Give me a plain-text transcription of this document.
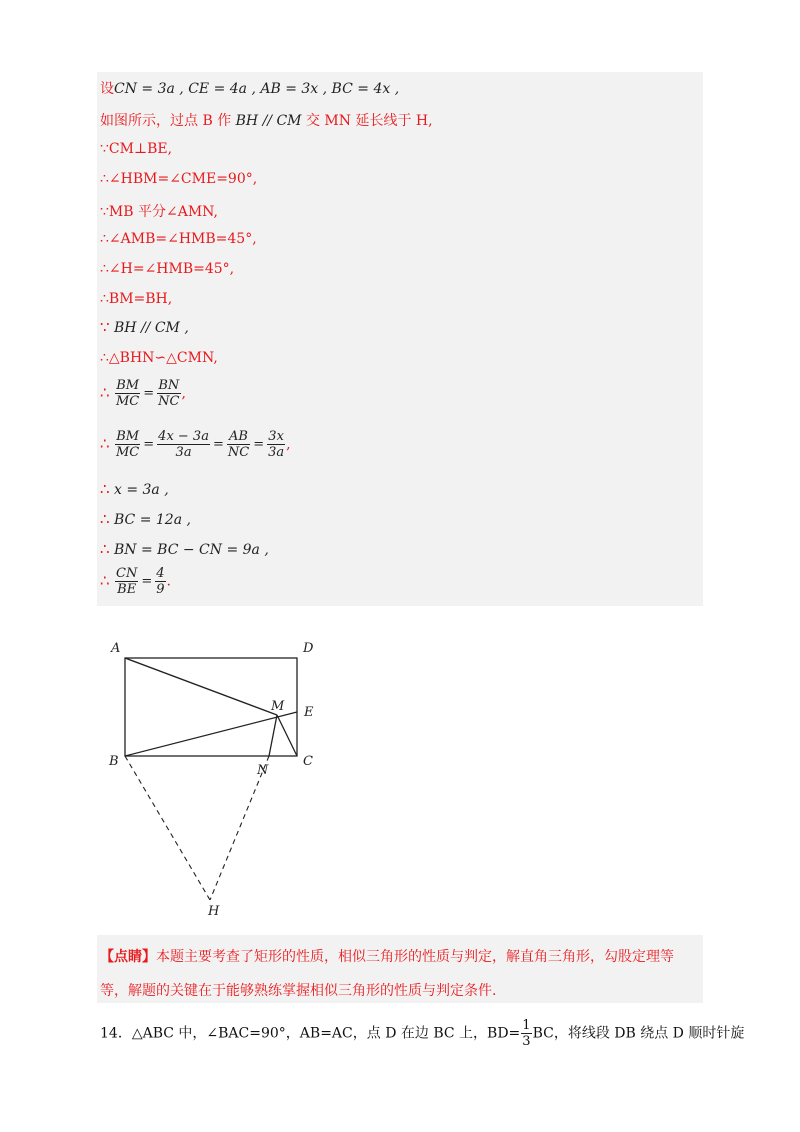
设CN = 3a , CE = 4a , AB = 3x , BC = 4x ,
如图所示，过点 B 作 BH // CM 交 MN 延长线于 H,
∵CM⊥BE,
∴∠HBM=∠CME=90°,
∵MB 平分∠AMN,
∴∠AMB=∠HMB=45°,
∴∠H=∠HMB=45°,
∴BM=BH,
∵ BH // CM ,
∴△BHN∽△CMN,
∴ $\frac{BM}{MC} = \frac{BN}{NC}$ ,
∴ $\frac{BM}{MC} = \frac{4x - 3a}{3a} = \frac{AB}{NC} = \frac{3x}{3a}$ ,
∴ x = 3a ,
∴ BC = 12a ,
∴ BN = BC − CN = 9a ,
∴ $\frac{CN}{BE} = \frac{4}{9}$ .
A	D
M E
B
N
C
H
【点睛】本题主要考查了矩形的性质，相似三角形的性质与判定，解直角三角形，勾股定理等等，解题的关键在于能够熟练掌握相似三角形的性质与判定条件.
14．△ABC 中，∠BAC=90°，AB=AC，点 D 在边 BC 上，$BD= \frac{1}{3}$ BC，将线段 DB 绕点 D 顺时针旋
